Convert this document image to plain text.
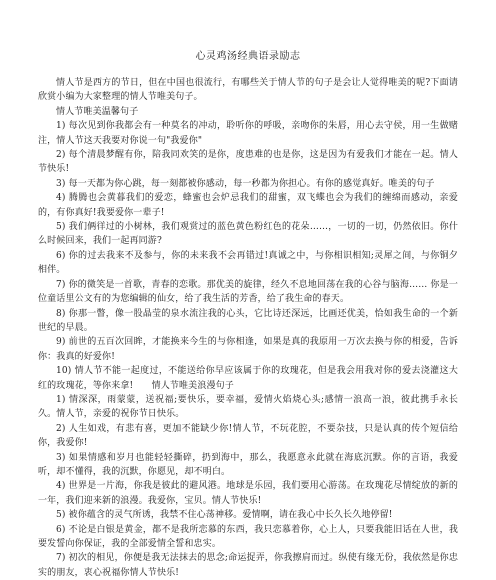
心灵鸡汤经典语录励志

情人节是西方的节日，但在中国也很流行，有哪些关于情人节的句子是会让人觉得唯美的呢?下面请欣赏小编为大家整理的情人节唯美句子。

情人节唯美温馨句子

1) 每次见到你我都会有一种莫名的冲动，聆听你的呼吸，亲吻你的朱唇，用心去守侯，用一生做赌注，情人节这天我要对你说一句"我爱你"

2) 每个清晨梦醒有你，陪我同欢笑的是你，度患难的也是你，这是因为有爱我们才能在一起。情人节快乐!

3) 每一天都为你心跳，每一刻都被你感动，每一秒都为你担心。有你的感觉真好。唯美的句子

4) 腾腾也会黄暮我们的爱恋，蜂蜜也会炉忌我们的甜蜜，双飞蝶也会为我们的缠绵而感动，亲爱的，有你真好!我要爱你一辈子!

5) 我们俩徉过的小树林，我们观赏过的蓝色黄色粉红色的花朵……，一切的一切，仍然依旧。你什么时候回来，我们一起再同游?

6) 你的过去我来不及参与，你的未来我不会再错过!真诚之中，与你相识相知;灵犀之间，与你铜夕相伴。

7) 你的微笑是一首歌，青春的恋歌。那优美的旋律，经久不息地回荡在我的心谷与脑海…… 你是一位童话里公文有的为您编辑的仙女，给了我生活的芳香，给了我生命的春天。

8) 你那一瞥，像一股晶莹的泉水流注我的心头，它比诗还深远，比画还优美，恰如我生命的一个新世纪的早晨。

9) 前世的五百次回眸，才能换来今生的与你相逢，如果是真的我原用一万次去换与你的相爱，告诉你：我真的好爱你!

10) 情人节不能一起度过，不能送给你早应该属于你的玫瑰花，但是我会用我对你的爱去浇灌这大红的玫瑰花，等你来拿!　　情人节唯美浪漫句子

1) 情深深，雨蒙蒙，送祝福;要快乐，要幸福，爱情火焰烧心头;感情一浪高一浪，彼此携手永长久。情人节，亲爱的祝你节日快乐。

2) 人生如戏，有悲有喜，更加不能缺少你!情人节，不玩花腔，不要杂技，只是认真的传个短信给你，我爱你!

3) 如果情感和岁月也能轻轻撕碎，扔到海中，那么，我愿意永此就在海底沉默。你的言语，我爱听，却不懂得，我的沉默，你愿见，却不明白。

4) 世界是一片海，你我是彼此的避风港。地球是乐园，我们要用心游荡。在玫瑰花尽情绽放的新的一年，我们迎来新的浪漫。我爱你，宝贝。情人节快乐!

5) 被你蕴含的灵气所诱，我禁不住心荡神移。爱情啊，请在我心中长久长久地停留!

6) 不论是白银是黄金，都不是我所恋慕的东西，我只恋慕着你，心上人，只要我能旧话在人世，我要发誓向你保证，我的全部爱情全誓和忠实。

7) 初次的相见，你便是我无法抹去的思念;命运捉弄，你我擦肩而过。纵使有缘无份，我依然是你忠实的朋友，衷心祝福你情人节快乐!
